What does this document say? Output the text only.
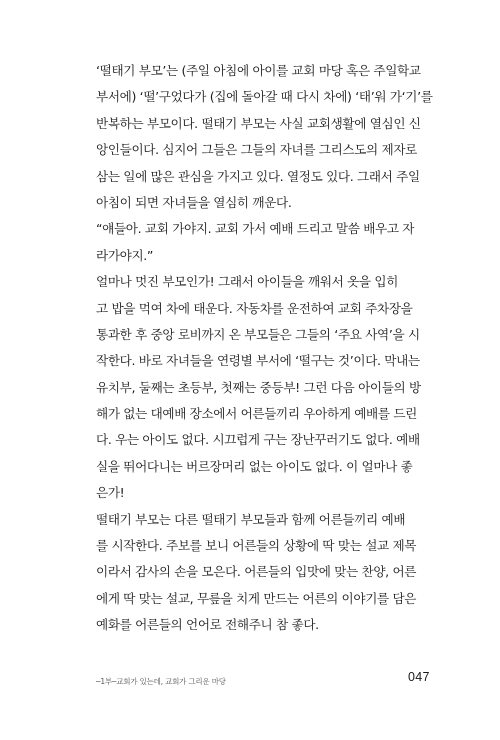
‘떨태기 부모’는 (주일 아침에 아이를 교회 마당 혹은 주일학교
부서에) ‘떨’구었다가 (집에 돌아갈 때 다시 차에) ‘태’워 가‘기’를
반복하는 부모이다. 떨태기 부모는 사실 교회생활에 열심인 신
앙인들이다. 심지어 그들은 그들의 자녀를 그리스도의 제자로
삼는 일에 많은 관심을 가지고 있다. 열정도 있다. 그래서 주일
아침이 되면 자녀들을 열심히 깨운다.
“얘들아. 교회 가야지. 교회 가서 예배 드리고 말씀 배우고 자
라가야지.”
얼마나 멋진 부모인가! 그래서 아이들을 깨워서 옷을 입히
고 밥을 먹여 차에 태운다. 자동차를 운전하여 교회 주차장을
통과한 후 중앙 로비까지 온 부모들은 그들의 ‘주요 사역’을 시
작한다. 바로 자녀들을 연령별 부서에 ‘떨구는 것’이다. 막내는
유치부, 둘째는 초등부, 첫째는 중등부! 그런 다음 아이들의 방
해가 없는 대예배 장소에서 어른들끼리 우아하게 예배를 드린
다. 우는 아이도 없다. 시끄럽게 구는 장난꾸러기도 없다. 예배
실을 뛰어다니는 버르장머리 없는 아이도 없다. 이 얼마나 좋
은가!
떨태기 부모는 다른 떨태기 부모들과 함께 어른들끼리 예배
를 시작한다. 주보를 보니 어른들의 상황에 딱 맞는 설교 제목
이라서 감사의 손을 모은다. 어른들의 입맛에 맞는 찬양, 어른
에게 딱 맞는 설교, 무릎을 치게 만드는 어른의 이야기를 담은
예화를 어른들의 언어로 전해주니 참 좋다.
─1부─교회가 있는데, 교회가 그리운 마당	047
